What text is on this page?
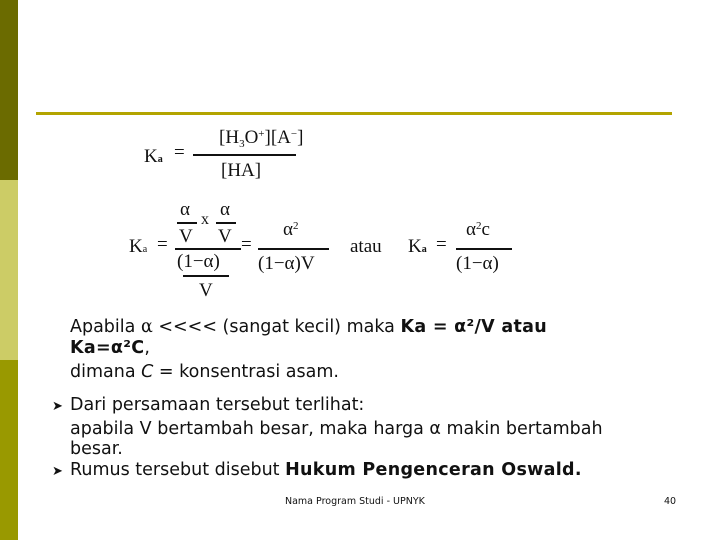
Ka =
$[H_3O^+][A^-]$
[HA]
Ka =
α x α
V V
(1−α)
V
=
$\alpha^2$
(1−α)V
atau Ka =
$\alpha^2c$
(1−α)
Apabila α <<<< (sangat kecil) maka Ka = α²/V atau
Ka=α²C,
dimana C = konsentrasi asam.
➤ Dari persamaan tersebut terlihat:
apabila V bertambah besar, maka harga α makin bertambah
besar.
➤ Rumus tersebut disebut Hukum Pengenceran Oswald.
Nama Program Studi - UPNYK	40
